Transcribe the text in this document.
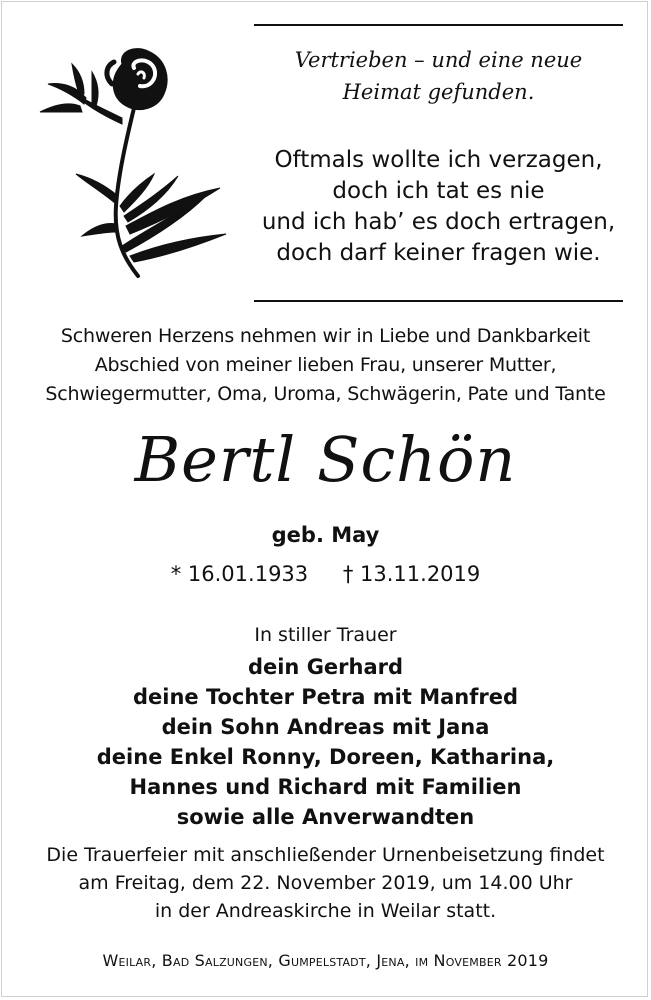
Vertrieben – und eine neue
Heimat gefunden.
Oftmals wollte ich verzagen,
doch ich tat es nie
und ich hab’ es doch ertragen,
doch darf keiner fragen wie.
Schweren Herzens nehmen wir in Liebe und Dankbarkeit
Abschied von meiner lieben Frau, unserer Mutter,
Schwiegermutter, Oma, Uroma, Schwägerin, Pate und Tante
Bertl Schön
geb. May
* 16.01.1933 † 13.11.2019
In stiller Trauer
dein Gerhard
deine Tochter Petra mit Manfred
dein Sohn Andreas mit Jana
deine Enkel Ronny, Doreen, Katharina,
Hannes und Richard mit Familien
sowie alle Anverwandten
Die Trauerfeier mit anschließender Urnenbeisetzung findet
am Freitag, dem 22. November 2019, um 14.00 Uhr
in der Andreaskirche in Weilar statt.
Weilar, Bad Salzungen, Gumpelstadt, Jena, im November 2019
